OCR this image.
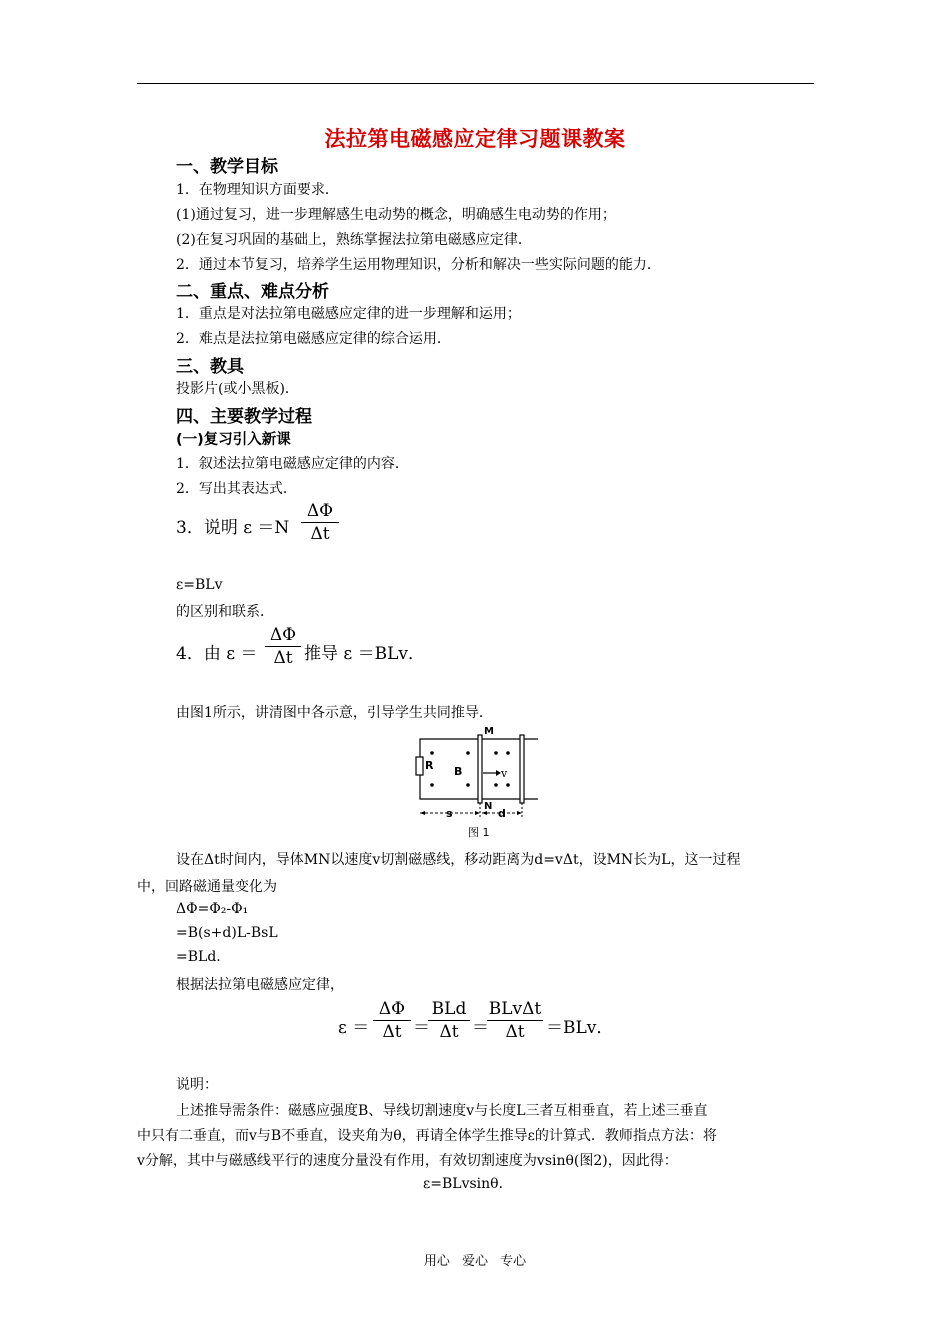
法拉第电磁感应定律习题课教案
一、教学目标
1．在物理知识方面要求．
(1)通过复习，进一步理解感生电动势的概念，明确感生电动势的作用；
(2)在复习巩固的基础上，熟练掌握法拉第电磁感应定律．
2．通过本节复习，培养学生运用物理知识，分析和解决一些实际问题的能力．
二、重点、难点分析
1．重点是对法拉第电磁感应定律的进一步理解和运用；
2．难点是法拉第电磁感应定律的综合运用．
三、教具
投影片(或小黑板)．
四、主要教学过程
(一)复习引入新课
1．叙述法拉第电磁感应定律的内容．
2．写出其表达式．
3．说明 ε ＝N
ΔΦ
Δt
ε=BLv
的区别和联系．
4．由 ε ＝
ΔΦ
Δt 推导 ε ＝BLv．
由图1所示，讲清图中各示意，引导学生共同推导．
M
N
R B	v
s	d
图 1
设在Δt时间内，导体MN以速度v切割磁感线，移动距离为d=vΔt，设MN长为L，这一过程
中，回路磁通量变化为
ΔΦ=Φ₂-Φ₁
=B(s+d)L-BsL
=BLd.
根据法拉第电磁感应定律，
ε ＝
ΔΦ
Δt ＝
BLd
Δt ＝
BLvΔt
Δt	＝BLv．
说明：
上述推导需条件：磁感应强度B、导线切割速度v与长度L三者互相垂直，若上述三垂直
中只有二垂直，而v与B不垂直，设夹角为θ，再请全体学生推导ε的计算式．教师指点方法：将
v分解，其中与磁感线平行的速度分量没有作用，有效切割速度为vsinθ(图2)，因此得：
ε=BLvsinθ．
用心 爱心 专心
